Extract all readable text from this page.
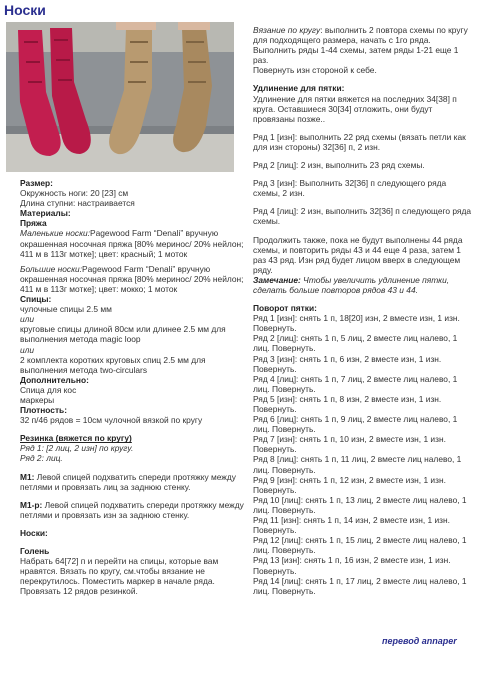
Носки

Размер:

Окружность ноги: 20 [23] см

Длина ступни: настраивается

Материалы:

Пряжа

Маленькие носки:Pagewood Farm “Denali” вручную окрашенная носочная пряжа [80% мериноc/ 20% нейлон; 411 м в 113г мотке]; цвет: красный; 1 моток

Большие носки:Pagewood Farm “Denali” вручную окрашенная носочная пряжа [80% мериноc/ 20% нейлон; 411 м в 113г мотке]; цвет: мокко; 1 моток

Спицы:

чулочные спицы 2.5 мм

или

круговые спицы длиной 80см или длинее 2.5 мм для выполнения метода magic loop

или

2 комплекта коротких круговых спиц 2.5 мм для выполнения метода two-circulars

Дополнительно:

Спица для кос

маркеры

Плотность:

32 п/46 рядов = 10см чулочной вязкой по кругу

Резинка (вяжется по кругу)

Ряд 1: [2 лиц, 2 изн] по кругу.

Ряд 2: лиц.

M1: Левой спицей подхватить спереди протяжку между петлями и провязать лиц за заднюю стенку.

M1-р: Левой спицей подхватить спереди протяжку между петлями и провязать изн за заднюю стенку.

Носки:

Голень

Набрать 64[72] п и перейти на спицы, которые вам нравятся. Вязать по кругу, см.чтобы вязание не перекрутилось. Поместить маркер в начале ряда. Провязать 12 рядов резинкой.

Вязание по кругу: выполнить 2 повтора схемы по кругу для подходящего размера, начать с 1го ряда. Выполнить ряды 1-44 схемы, затем ряды 1-21 еще 1 раз.

Повернуть изн стороной к себе.

Удлинение для пятки:

Удлинение для пятки вяжется на последних 34[38] п круга. Оставшиеся 30[34] отложить, они будут провязаны позже..

Ряд 1 [изн]: выполнить 22 ряд схемы (вязать петли как для изн стороны) 32[36] п, 2 изн.

Ряд 2 [лиц]: 2 изн, выполнить 23 ряд схемы.

Ряд 3 [изн]: Выполнить 32[36] п следующего ряда схемы, 2 изн.

Ряд 4 [лиц]: 2 изн, выполнить 32[36] п следующего ряда схемы.

Продолжить также, пока не будут выполнены 44 ряда схемы, и повторить ряды 43 и 44 еще 4 раза, затем 1 раз 43 ряд. Изн ряд будет лицом вверх в следующем ряду.

Замечание: Чтобы увеличить удлинение пятки, сделать больше повторов рядов 43 и 44.

Поворот пятки:

Ряд 1 [изн]: снять 1 п, 18[20] изн, 2 вместе изн, 1 изн. Повернуть.

Ряд 2 [лиц]: снять 1 п, 5 лиц, 2 вместе лиц налево, 1 лиц. Повернуть.

Ряд 3 [изн]: снять 1 п, 6 изн, 2 вместе изн, 1 изн. Повернуть.

Ряд 4 [лиц]: снять 1 п, 7 лиц, 2 вместе лиц налево, 1 лиц. Повернуть.

Ряд 5 [изн]: снять 1 п, 8 изн, 2 вместе изн, 1 изн. Повернуть.

Ряд 6 [лиц]: снять 1 п, 9 лиц, 2 вместе лиц налево, 1 лиц. Повернуть.

Ряд 7 [изн]: снять 1 п, 10 изн, 2 вместе изн, 1 изн. Повернуть.

Ряд 8 [лиц]: снять 1 п, 11 лиц, 2 вместе лиц налево, 1 лиц. Повернуть.

Ряд 9 [изн]: снять 1 п, 12 изн, 2 вместе изн, 1 изн. Повернуть.

Ряд 10 [лиц]: снять 1 п, 13 лиц, 2 вместе лиц налево, 1 лиц. Повернуть.

Ряд 11 [изн]: снять 1 п, 14 изн, 2 вместе изн, 1 изн. Повернуть.

Ряд 12 [лиц]: снять 1 п, 15 лиц, 2 вместе лиц налево, 1 лиц. Повернуть.

Ряд 13 [изн]: снять 1 п, 16 изн, 2 вместе изн, 1 изн. Повернуть.

Ряд 14 [лиц]: снять 1 п, 17 лиц, 2 вместе лиц налево, 1 лиц. Повернуть.

перевод annaper
